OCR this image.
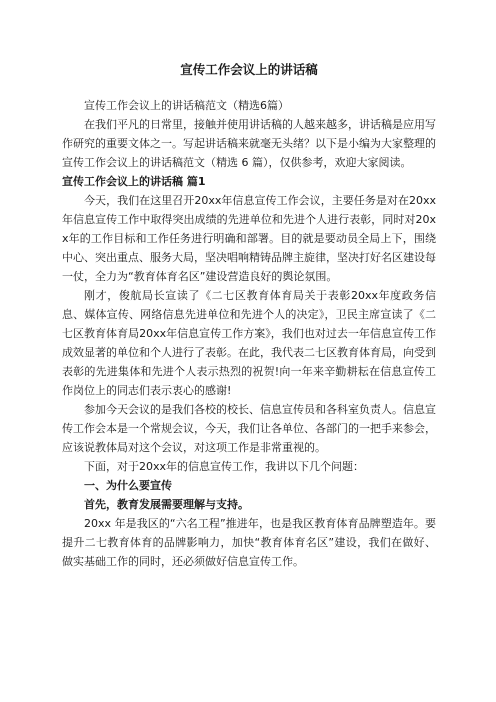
宣传工作会议上的讲话稿

宣传工作会议上的讲话稿范文（精选6篇）

在我们平凡的日常里，接触并使用讲话稿的人越来越多，讲话稿是应用写作研究的重要文体之一。写起讲话稿来就毫无头绪？以下是小编为大家整理的宣传工作会议上的讲话稿范文（精选 6 篇），仅供参考，欢迎大家阅读。

宣传工作会议上的讲话稿 篇1

今天，我们在这里召开20xx年信息宣传工作会议，主要任务是对在20xx年信息宣传工作中取得突出成绩的先进单位和先进个人进行表彰，同时对20xx年的工作目标和工作任务进行明确和部署。目的就是要动员全局上下，围绕中心、突出重点、服务大局，坚决唱响精铸品牌主旋律，坚决打好名区建设每一仗，全力为“教育体育名区”建设营造良好的舆论氛围。

刚才，俊航局长宣读了《二七区教育体育局关于表彰20xx年度政务信息、媒体宣传、网络信息先进单位和先进个人的决定》，卫民主席宣读了《二七区教育体育局20xx年信息宣传工作方案》，我们也对过去一年信息宣传工作成效显著的单位和个人进行了表彰。在此，我代表二七区教育体育局，向受到表彰的先进集体和先进个人表示热烈的祝贺!向一年来辛勤耕耘在信息宣传工作岗位上的同志们表示衷心的感谢!

参加今天会议的是我们各校的校长、信息宣传员和各科室负责人。信息宣传工作会本是一个常规会议，今天，我们让各单位、各部门的一把手来参会，应该说教体局对这个会议，对这项工作是非常重视的。

下面，对于20xx年的信息宣传工作，我讲以下几个问题：

一、为什么要宣传

首先，教育发展需要理解与支持。

20xx 年是我区的“六名工程”推进年，也是我区教育体育品牌塑造年。要提升二七教育体育的品牌影响力，加快“教育体育名区”建设，我们在做好、做实基础工作的同时，还必须做好信息宣传工作。
